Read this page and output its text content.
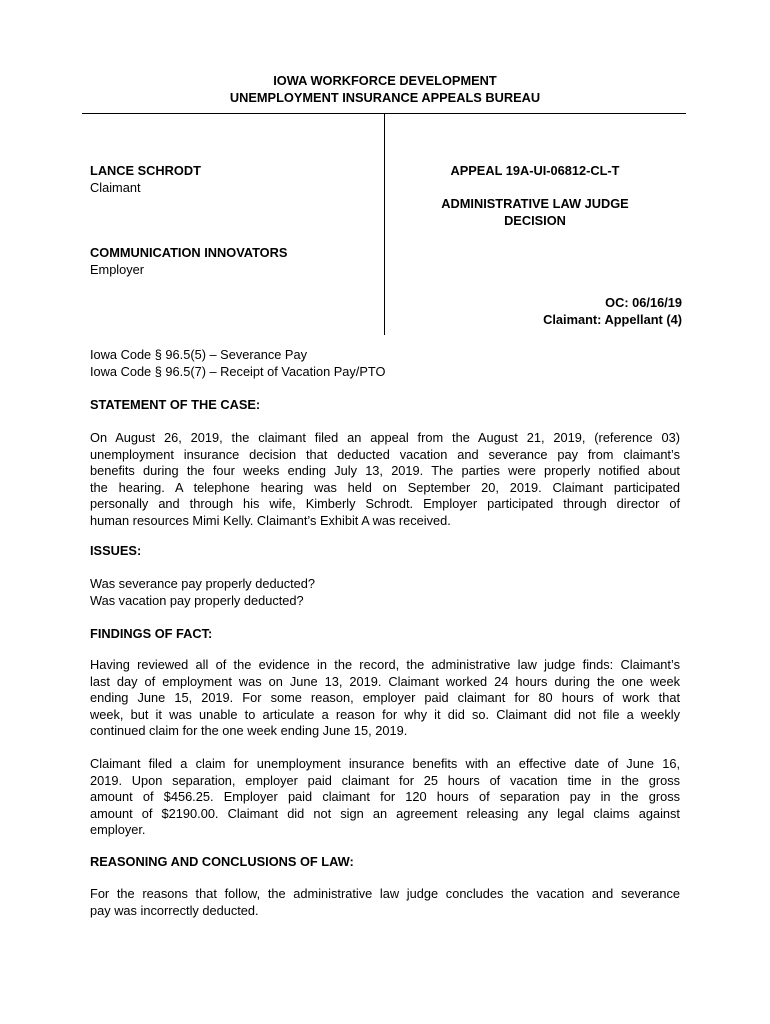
IOWA WORKFORCE DEVELOPMENT
UNEMPLOYMENT INSURANCE APPEALS BUREAU
LANCE SCHRODT
Claimant
COMMUNICATION INNOVATORS
Employer
APPEAL 19A-UI-06812-CL-T
ADMINISTRATIVE LAW JUDGE
DECISION
OC: 06/16/19
Claimant: Appellant (4)
Iowa Code § 96.5(5) – Severance Pay
Iowa Code § 96.5(7) – Receipt of Vacation Pay/PTO
STATEMENT OF THE CASE:
On August 26, 2019, the claimant filed an appeal from the August 21, 2019, (reference 03)
unemployment insurance decision that deducted vacation and severance pay from claimant’s
benefits during the four weeks ending July 13, 2019. The parties were properly notified about
the hearing. A telephone hearing was held on September 20, 2019. Claimant participated
personally and through his wife, Kimberly Schrodt. Employer participated through director of
human resources Mimi Kelly. Claimant’s Exhibit A was received.
ISSUES:
Was severance pay properly deducted?
Was vacation pay properly deducted?
FINDINGS OF FACT:
Having reviewed all of the evidence in the record, the administrative law judge finds: Claimant’s
last day of employment was on June 13, 2019. Claimant worked 24 hours during the one week
ending June 15, 2019. For some reason, employer paid claimant for 80 hours of work that
week, but it was unable to articulate a reason for why it did so. Claimant did not file a weekly
continued claim for the one week ending June 15, 2019.
Claimant filed a claim for unemployment insurance benefits with an effective date of June 16,
2019. Upon separation, employer paid claimant for 25 hours of vacation time in the gross
amount of $456.25. Employer paid claimant for 120 hours of separation pay in the gross
amount of $2190.00. Claimant did not sign an agreement releasing any legal claims against
employer.
REASONING AND CONCLUSIONS OF LAW:
For the reasons that follow, the administrative law judge concludes the vacation and severance
pay was incorrectly deducted.
